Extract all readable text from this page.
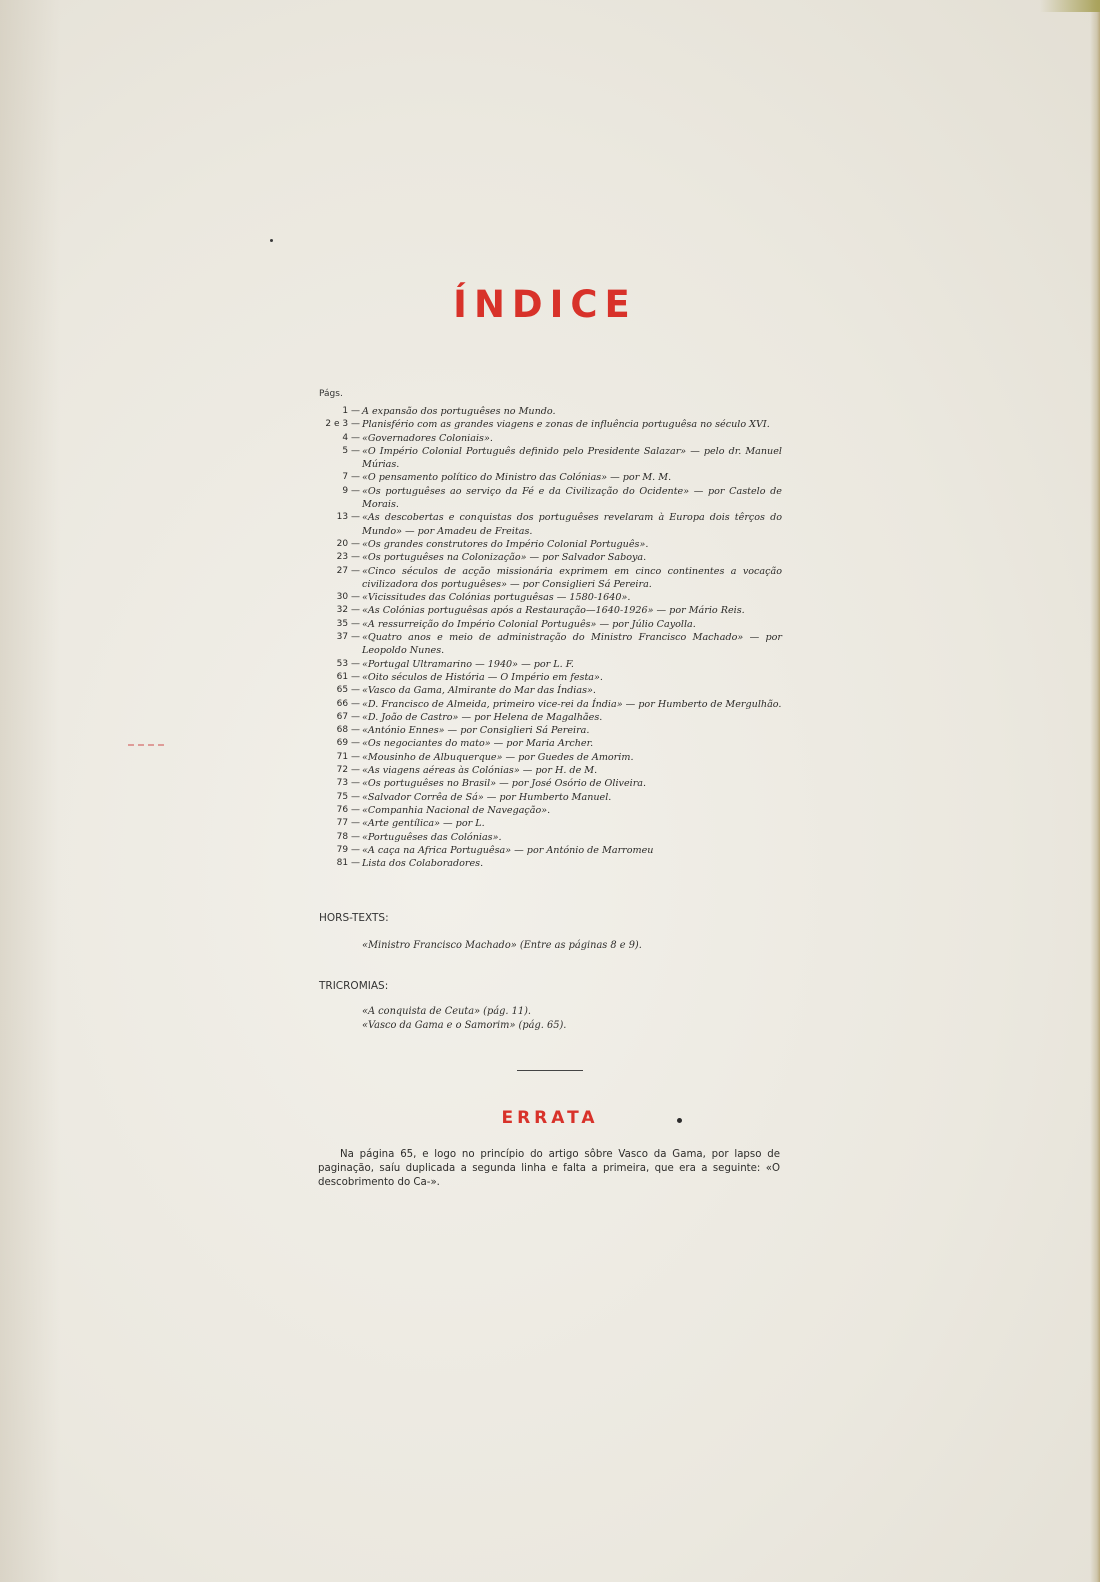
ÍNDICE
Págs.
1 — A expansão dos portuguêses no Mundo.
2 e 3 — Planisfério com as grandes viagens e zonas de influência portuguêsa no século XVI.
4 — «Governadores Coloniais».
5 — «O Império Colonial Português definido pelo Presidente Salazar» — pelo dr. Manuel Múrias.
7 — «O pensamento político do Ministro das Colónias» — por M. M.
9 — «Os portuguêses ao serviço da Fé e da Civilização do Ocidente» — por Castelo de Morais.
13 — «As descobertas e conquistas dos portuguêses revelaram à Europa dois têrços do Mundo» — por Amadeu de Freitas.
20 — «Os grandes construtores do Império Colonial Português».
23 — «Os portuguêses na Colonização» — por Salvador Saboya.
27 — «Cinco séculos de acção missionária exprimem em cinco continentes a vocação civilizadora dos portuguêses» — por Consiglieri Sá Pereira.
30 — «Vicissitudes das Colónias portuguêsas — 1580-1640».
32 — «As Colónias portuguêsas após a Restauração—1640-1926» — por Mário Reis.
35 — «A ressurreição do Império Colonial Português» — por Júlio Cayolla.
37 — «Quatro anos e meio de administração do Ministro Francisco Machado» — por Leopoldo Nunes.
53 — «Portugal Ultramarino — 1940» — por L. F.
61 — «Oito séculos de História — O Império em festa».
65 — «Vasco da Gama, Almirante do Mar das Índias».
66 — «D. Francisco de Almeida, primeiro vice-rei da Índia» — por Humberto de Mergulhão.
67 — «D. João de Castro» — por Helena de Magalhães.
68 — «António Ennes» — por Consiglieri Sá Pereira.
69 — «Os negociantes do mato» — por Maria Archer.
71 — «Mousinho de Albuquerque» — por Guedes de Amorim.
72 — «As viagens aéreas às Colónias» — por H. de M.
73 — «Os portuguêses no Brasil» — por José Osório de Oliveira.
75 — «Salvador Corrêa de Sá» — por Humberto Manuel.
76 — «Companhia Nacional de Navegação».
77 — «Arte gentílica» — por L.
78 — «Portuguêses das Colónias».
79 — «A caça na Africa Portuguêsa» — por António de Marromeu
81 — Lista dos Colaboradores.
HORS-TEXTS:
«Ministro Francisco Machado» (Entre as páginas 8 e 9).
TRICROMIAS:
«A conquista de Ceuta» (pág. 11).
«Vasco da Gama e o Samorim» (pág. 65).
ERRATA
Na página 65, e logo no princípio do artigo sôbre Vasco da Gama, por lapso de paginação, saíu duplicada a segunda linha e falta a primeira, que era a seguinte: «O descobrimento do Ca-».
